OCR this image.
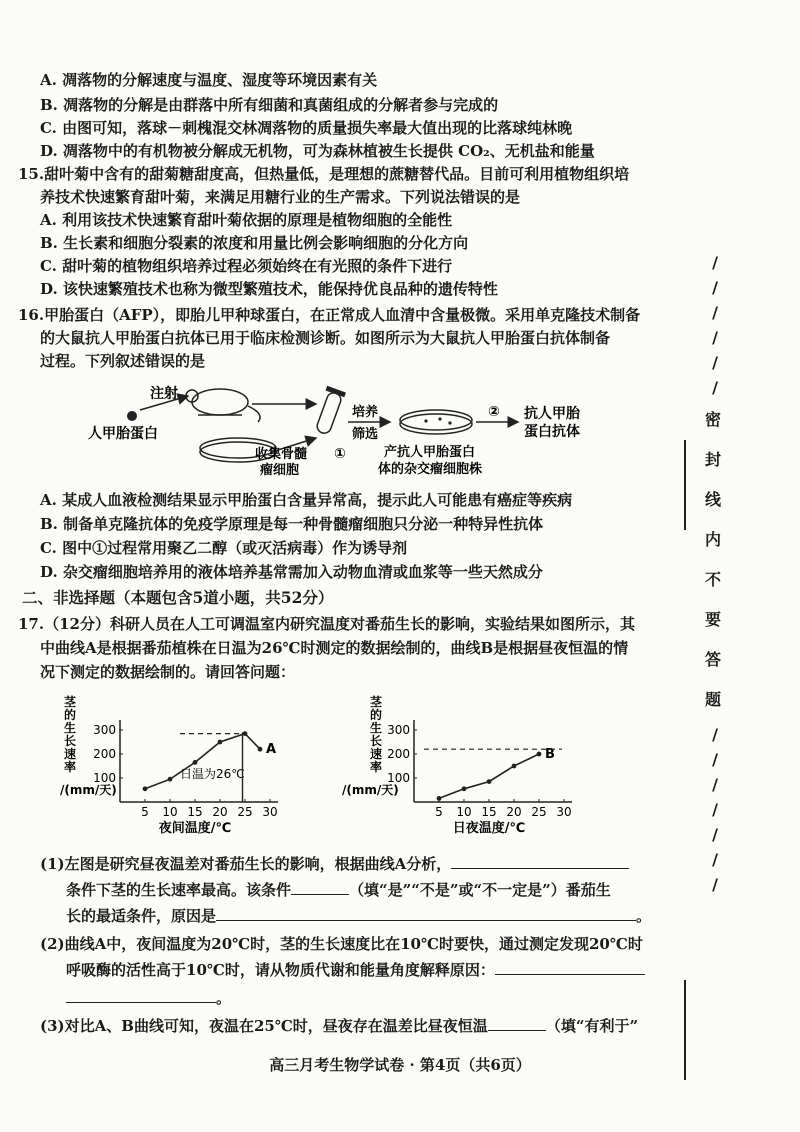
A. 凋落物的分解速度与温度、湿度等环境因素有关
B. 凋落物的分解是由群落中所有细菌和真菌组成的分解者参与完成的
C. 由图可知，落球－刺槐混交林凋落物的质量损失率最大值出现的比落球纯林晚
D. 凋落物中的有机物被分解成无机物，可为森林植被生长提供 CO₂、无机盐和能量
15.甜叶菊中含有的甜菊糖甜度高，但热量低，是理想的蔗糖替代品。目前可利用植物组织培
养技术快速繁育甜叶菊，来满足用糖行业的生产需求。下列说法错误的是
A. 利用该技术快速繁育甜叶菊依据的原理是植物细胞的全能性
B. 生长素和细胞分裂素的浓度和用量比例会影响细胞的分化方向
C. 甜叶菊的植物组织培养过程必须始终在有光照的条件下进行
D. 该快速繁殖技术也称为微型繁殖技术，能保持优良品种的遗传特性
16.甲胎蛋白（AFP），即胎儿甲种球蛋白，在正常成人血清中含量极微。采用单克隆技术制备
的大鼠抗人甲胎蛋白抗体已用于临床检测诊断。如图所示为大鼠抗人甲胎蛋白抗体制备
过程。下列叙述错误的是
人甲胎蛋白
注射
收集骨髓
瘤细胞
①
培养
筛选
产抗人甲胎蛋白
体的杂交瘤细胞株
② 抗人甲胎
蛋白抗体
A. 某成人血液检测结果显示甲胎蛋白含量异常高，提示此人可能患有癌症等疾病
B. 制备单克隆抗体的免疫学原理是每一种骨髓瘤细胞只分泌一种特异性抗体
C. 图中①过程常用聚乙二醇（或灭活病毒）作为诱导剂
D. 杂交瘤细胞培养用的液体培养基常需加入动物血清或血浆等一些天然成分
二、非选择题（本题包含5道小题，共52分）
17.（12分）科研人员在人工可调温室内研究温度对番茄生长的影响，实验结果如图所示，其
中曲线A是根据番茄植株在日温为26℃时测定的数据绘制的，曲线B是根据昼夜恒温的情
况下测定的数据绘制的。请回答问题：
5 10 15 20 25 30
100
200
300
A
日温为26℃
茎
的
生
长
速
率
/(mm/天)
夜间温度/℃
5 10 15 20 25 30
100
200
300
B
茎
的
生
长
速
率
/(mm/天)
日夜温度/℃
(1)左图是研究昼夜温差对番茄生长的影响，根据曲线A分析，
条件下茎的生长速率最高。该条件	（填“是”“不是”或“不一定是”）番茄生
长的最适条件，原因是	。
(2)曲线A中，夜间温度为20℃时，茎的生长速度比在10℃时要快，通过测定发现20℃时
呼吸酶的活性高于10℃时，请从物质代谢和能量角度解释原因：
。
(3)对比A、B曲线可知，夜温在25℃时，昼夜存在温差比昼夜恒温	（填“有利于”
高三月考生物学试卷 · 第4页（共6页）
/
/
/
/
/
/
密
封
线
内
不
要
答
题
/
/
/
/
/
/
/
